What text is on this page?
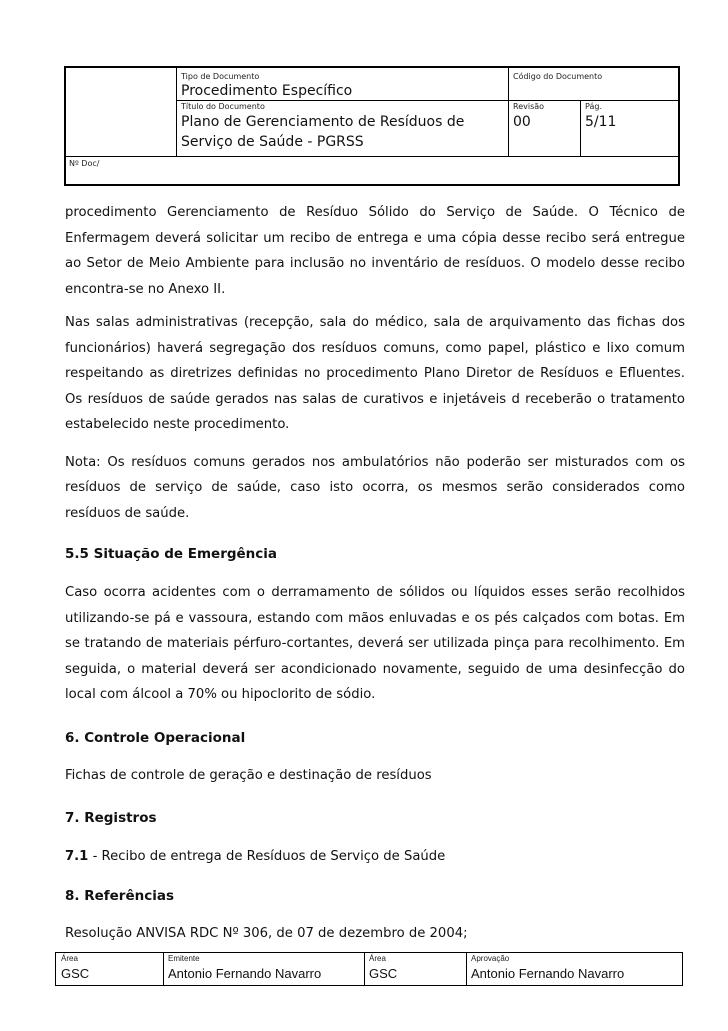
Tipo de Documento
Procedimento Específico
Código do Documento
Título do Documento
Plano de Gerenciamento de Resíduos de
Serviço de Saúde - PGRSS
Revisão
00
Pág.
5/11
Nº Doc/

procedimento Gerenciamento de Resíduo Sólido do Serviço de Saúde. O Técnico de Enfermagem deverá solicitar um recibo de entrega e uma cópia desse recibo será entregue ao Setor de Meio Ambiente para inclusão no inventário de resíduos. O modelo desse recibo encontra-se no Anexo II.

Nas salas administrativas (recepção, sala do médico, sala de arquivamento das fichas dos funcionários) haverá segregação dos resíduos comuns, como papel, plástico e lixo comum respeitando as diretrizes definidas no procedimento Plano Diretor de Resíduos e Efluentes. Os resíduos de saúde gerados nas salas de curativos e injetáveis d receberão o tratamento estabelecido neste procedimento.

Nota: Os resíduos comuns gerados nos ambulatórios não poderão ser misturados com os resíduos de serviço de saúde, caso isto ocorra, os mesmos serão considerados como resíduos de saúde.

5.5 Situação de Emergência

Caso ocorra acidentes com o derramamento de sólidos ou líquidos esses serão recolhidos utilizando-se pá e vassoura, estando com mãos enluvadas e os pés calçados com botas. Em se tratando de materiais pérfuro-cortantes, deverá ser utilizada pinça para recolhimento. Em seguida, o material deverá ser acondicionado novamente, seguido de uma desinfecção do local com álcool a 70% ou hipoclorito de sódio.

6. Controle Operacional

Fichas de controle de geração e destinação de resíduos

7. Registros

7.1 - Recibo de entrega de Resíduos de Serviço de Saúde

8. Referências

Resolução ANVISA RDC Nº 306, de 07 de dezembro de 2004;

Área
GSC
Emitente
Antonio Fernando Navarro
Área
GSC
Aprovação
Antonio Fernando Navarro
